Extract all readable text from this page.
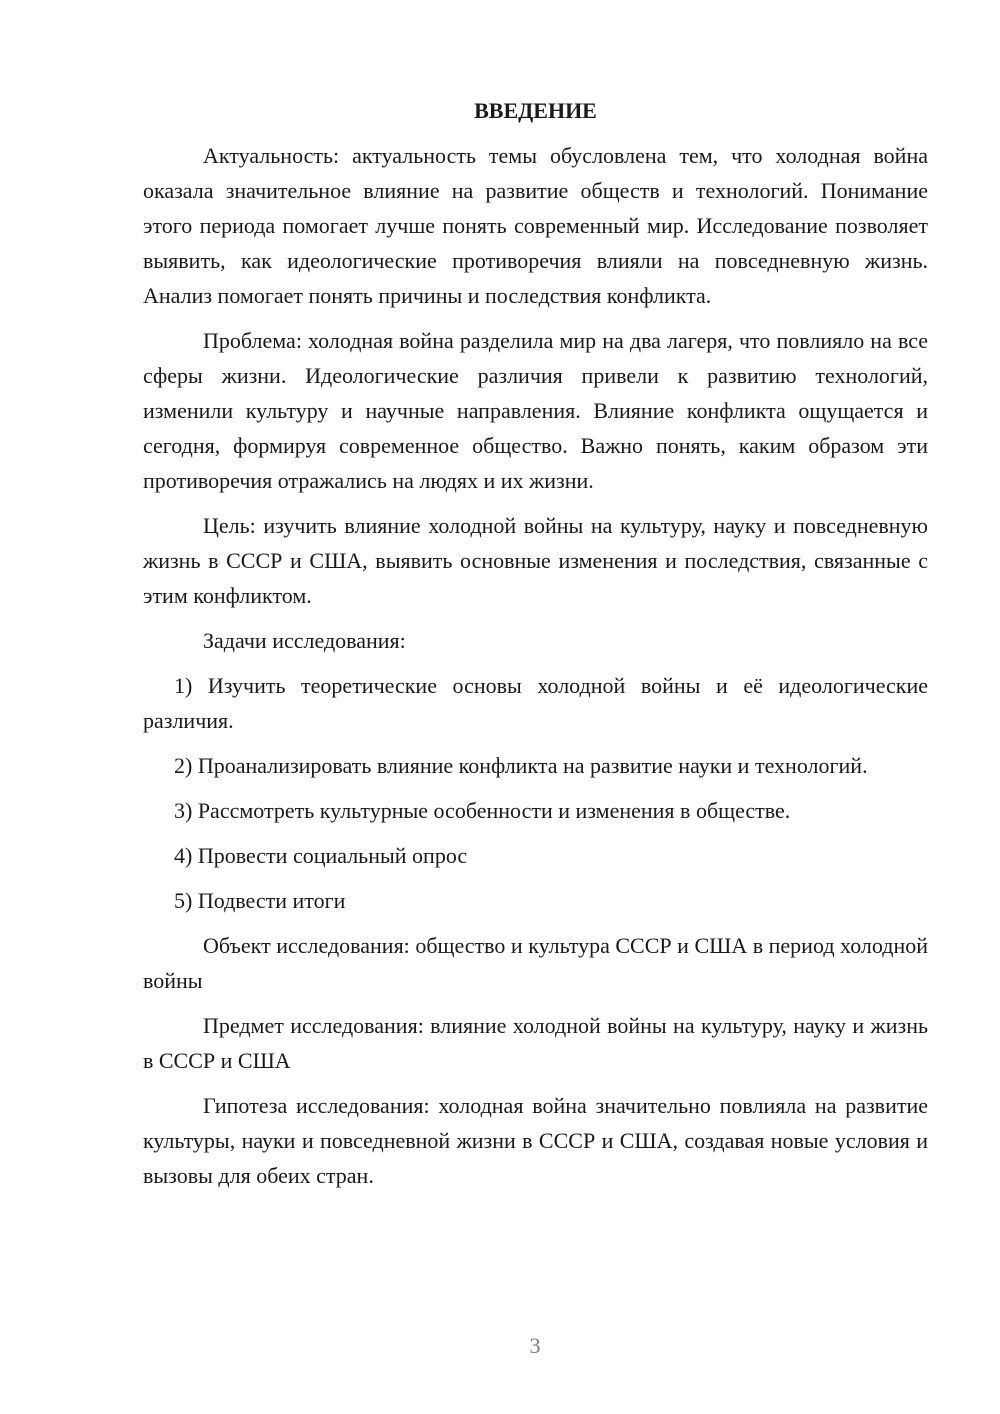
ВВЕДЕНИЕ

Актуальность: актуальность темы обусловлена тем, что холодная война оказала значительное влияние на развитие обществ и технологий. Понимание этого периода помогает лучше понять современный мир. Исследование позволяет выявить, как идеологические противоречия влияли на повседневную жизнь. Анализ помогает понять причины и последствия конфликта.

Проблема: холодная война разделила мир на два лагеря, что повлияло на все сферы жизни. Идеологические различия привели к развитию технологий, изменили культуру и научные направления. Влияние конфликта ощущается и сегодня, формируя современное общество. Важно понять, каким образом эти противоречия отражались на людях и их жизни.

Цель: изучить влияние холодной войны на культуру, науку и повседневную жизнь в СССР и США, выявить основные изменения и последствия, связанные с этим конфликтом.

Задачи исследования:

1) Изучить теоретические основы холодной войны и её идеологические различия.

2) Проанализировать влияние конфликта на развитие науки и технологий.

3) Рассмотреть культурные особенности и изменения в обществе.

4) Провести социальный опрос

5) Подвести итоги

Объект исследования: общество и культура СССР и США в период холодной войны

Предмет исследования: влияние холодной войны на культуру, науку и жизнь в СССР и США

Гипотеза исследования: холодная война значительно повлияла на развитие культуры, науки и повседневной жизни в СССР и США, создавая новые условия и вызовы для обеих стран.

3
